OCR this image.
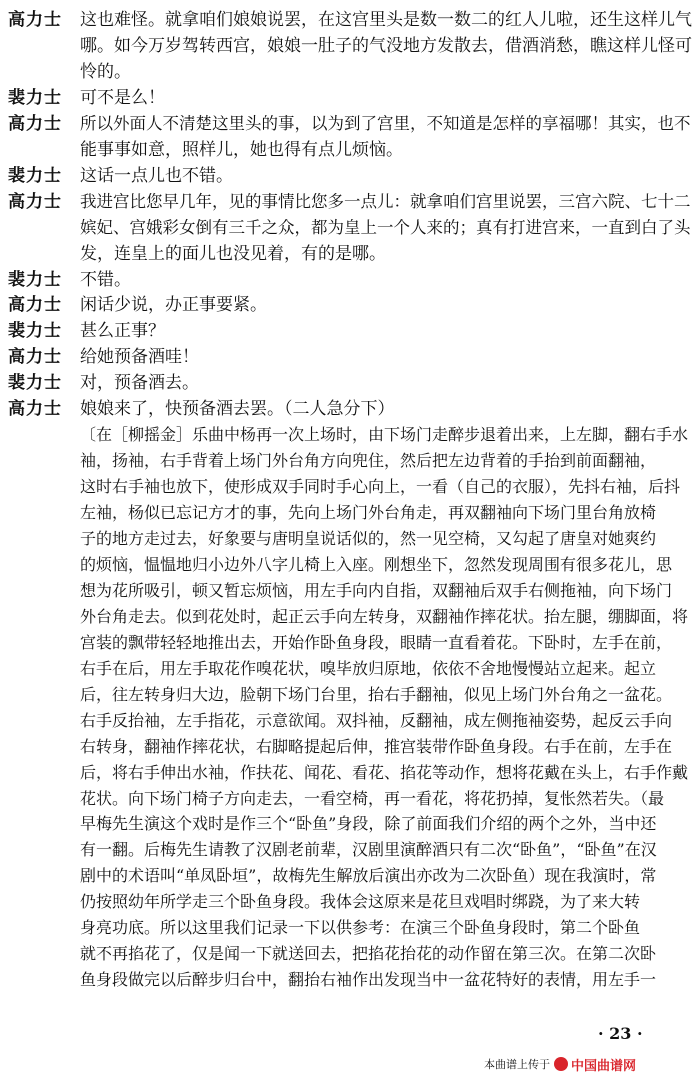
高力士	这也难怪。就拿咱们娘娘说罢，在这宫里头是数一数二的红人儿啦，还生这样儿气
哪。如今万岁驾转西宫，娘娘一肚子的气没地方发散去，借酒消愁，瞧这样儿怪可
怜的。
裴力士	可不是么！
高力士	所以外面人不清楚这里头的事，以为到了宫里，不知道是怎样的享福哪！其实，也不
能事事如意，照样儿，她也得有点儿烦恼。
裴力士	这话一点儿也不错。
高力士	我进宫比您早几年，见的事情比您多一点儿：就拿咱们宫里说罢，三宫六院、七十二
嫔妃、宫娥彩女倒有三千之众，都为皇上一个人来的；真有打进宫来，一直到白了头
发，连皇上的面儿也没见着，有的是哪。
裴力士	不错。
高力士	闲话少说，办正事要紧。
裴力士	甚么正事？
高力士	给她预备酒哇！
裴力士	对，预备酒去。
高力士	娘娘来了，快预备酒去罢。（二人急分下）
〔在［柳摇金］乐曲中杨再一次上场时，由下场门走醉步退着出来，上左脚，翻右手水
袖，扬袖，右手背着上场门外台角方向兜住，然后把左边背着的手抬到前面翻袖，
这时右手袖也放下，使形成双手同时手心向上，一看（自己的衣服），先抖右袖，后抖
左袖，杨似已忘记方才的事，先向上场门外台角走，再双翻袖向下场门里台角放椅
子的地方走过去，好象要与唐明皇说话似的，然一见空椅，又勾起了唐皇对她爽约
的烦恼，愠愠地归小边外八字儿椅上入座。刚想坐下，忽然发现周围有很多花儿，思
想为花所吸引，顿又暂忘烦恼，用左手向内自指，双翻袖后双手右侧拖袖，向下场门
外台角走去。似到花处时，起正云手向左转身，双翻袖作摔花状。抬左腿，绷脚面，将
宫装的飘带轻轻地推出去，开始作卧鱼身段，眼睛一直看着花。下卧时，左手在前，
右手在后，用左手取花作嗅花状，嗅毕放归原地，依依不舍地慢慢站立起来。起立
后，往左转身归大边，脸朝下场门台里，抬右手翻袖，似见上场门外台角之一盆花。
右手反抬袖，左手指花，示意欲闻。双抖袖，反翻袖，成左侧拖袖姿势，起反云手向
右转身，翻袖作摔花状，右脚略提起后伸，推宫装带作卧鱼身段。右手在前，左手在
后，将右手伸出水袖，作扶花、闻花、看花、掐花等动作，想将花戴在头上，右手作戴
花状。向下场门椅子方向走去，一看空椅，再一看花，将花扔掉，复怅然若失。（最
早梅先生演这个戏时是作三个“卧鱼”身段，除了前面我们介绍的两个之外，当中还
有一翻。后梅先生请教了汉剧老前辈，汉剧里演醉酒只有二次“卧鱼”，“卧鱼”在汉
剧中的术语叫“单凤卧垣”，故梅先生解放后演出亦改为二次卧鱼）现在我演时，常
仍按照幼年所学走三个卧鱼身段。我体会这原来是花旦戏唱时绑跷，为了来大转
身亮功底。所以这里我们记录一下以供参考：在演三个卧鱼身段时，第二个卧鱼
就不再掐花了，仅是闻一下就送回去，把掐花抬花的动作留在第三次。在第二次卧
鱼身段做完以后醉步归台中，翻抬右袖作出发现当中一盆花特好的表情，用左手一
· 23 ·
本曲谱上传于 中国曲谱网
